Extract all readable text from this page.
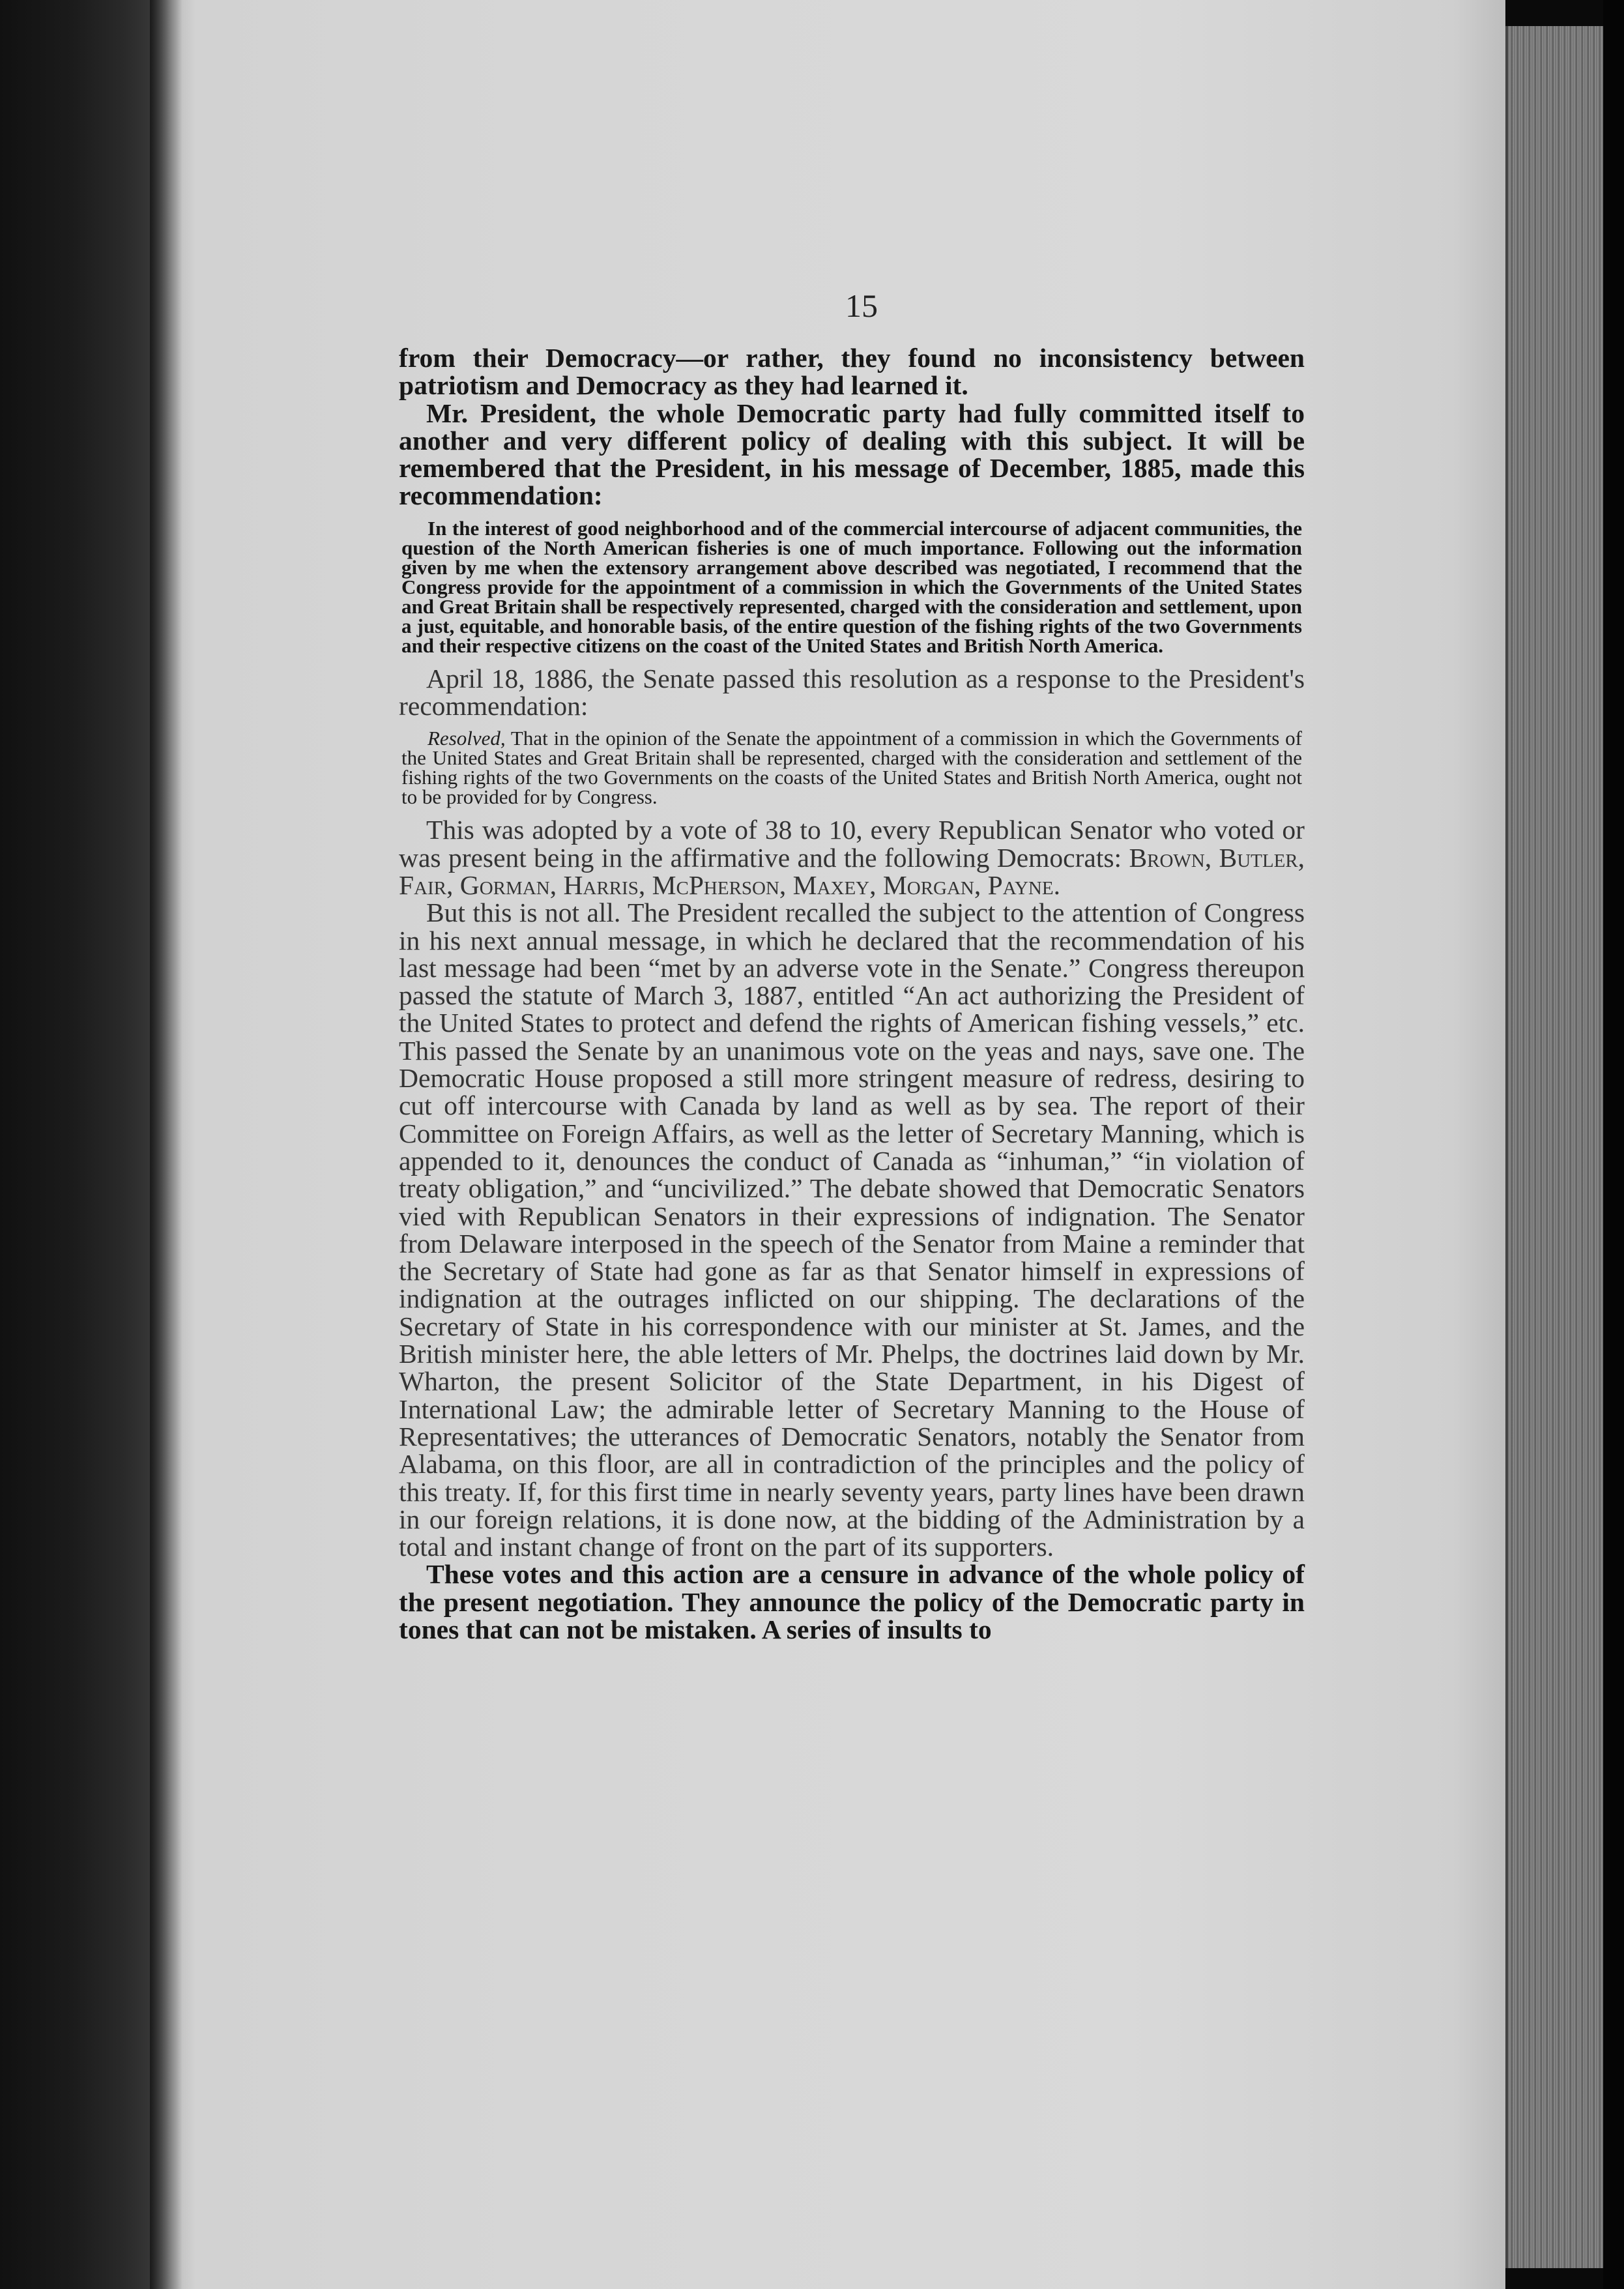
15

from their Democracy—or rather, they found no inconsistency between patriotism and Democracy as they had learned it.

Mr. President, the whole Democratic party had fully committed itself to another and very different policy of dealing with this subject. It will be remembered that the President, in his message of December, 1885, made this recommendation:

In the interest of good neighborhood and of the commercial intercourse of adjacent communities, the question of the North American fisheries is one of much importance. Following out the information given by me when the extensory arrangement above described was negotiated, I recommend that the Congress provide for the appointment of a commission in which the Governments of the United States and Great Britain shall be respectively represented, charged with the consideration and settlement, upon a just, equitable, and honorable basis, of the entire question of the fishing rights of the two Governments and their respective citizens on the coast of the United States and British North America.

April 18, 1886, the Senate passed this resolution as a response to the President's recommendation:

Resolved, That in the opinion of the Senate the appointment of a commission in which the Governments of the United States and Great Britain shall be represented, charged with the consideration and settlement of the fishing rights of the two Governments on the coasts of the United States and British North America, ought not to be provided for by Congress.

This was adopted by a vote of 38 to 10, every Republican Senator who voted or was present being in the affirmative and the following Democrats: Brown, Butler, Fair, Gorman, Harris, McPherson, Maxey, Morgan, Payne.

But this is not all. The President recalled the subject to the attention of Congress in his next annual message, in which he declared that the recommendation of his last message had been “met by an adverse vote in the Senate.” Congress thereupon passed the statute of March 3, 1887, entitled “An act authorizing the President of the United States to protect and defend the rights of American fishing vessels,” etc. This passed the Senate by an unanimous vote on the yeas and nays, save one. The Democratic House proposed a still more stringent measure of redress, desiring to cut off intercourse with Canada by land as well as by sea. The report of their Committee on Foreign Affairs, as well as the letter of Secretary Manning, which is appended to it, denounces the conduct of Canada as “inhuman,” “in violation of treaty obligation,” and “uncivilized.” The debate showed that Democratic Senators vied with Republican Senators in their expressions of indignation. The Senator from Delaware interposed in the speech of the Senator from Maine a reminder that the Secretary of State had gone as far as that Senator himself in expressions of indignation at the outrages inflicted on our shipping. The declarations of the Secretary of State in his correspondence with our minister at St. James, and the British minister here, the able letters of Mr. Phelps, the doctrines laid down by Mr. Wharton, the present Solicitor of the State Department, in his Digest of International Law; the admirable letter of Secretary Manning to the House of Representatives; the utterances of Democratic Senators, notably the Senator from Alabama, on this floor, are all in contradiction of the principles and the policy of this treaty. If, for this first time in nearly seventy years, party lines have been drawn in our foreign relations, it is done now, at the bidding of the Administration by a total and instant change of front on the part of its supporters.

These votes and this action are a censure in advance of the whole policy of the present negotiation. They announce the policy of the Democratic party in tones that can not be mistaken. A series of insults to
